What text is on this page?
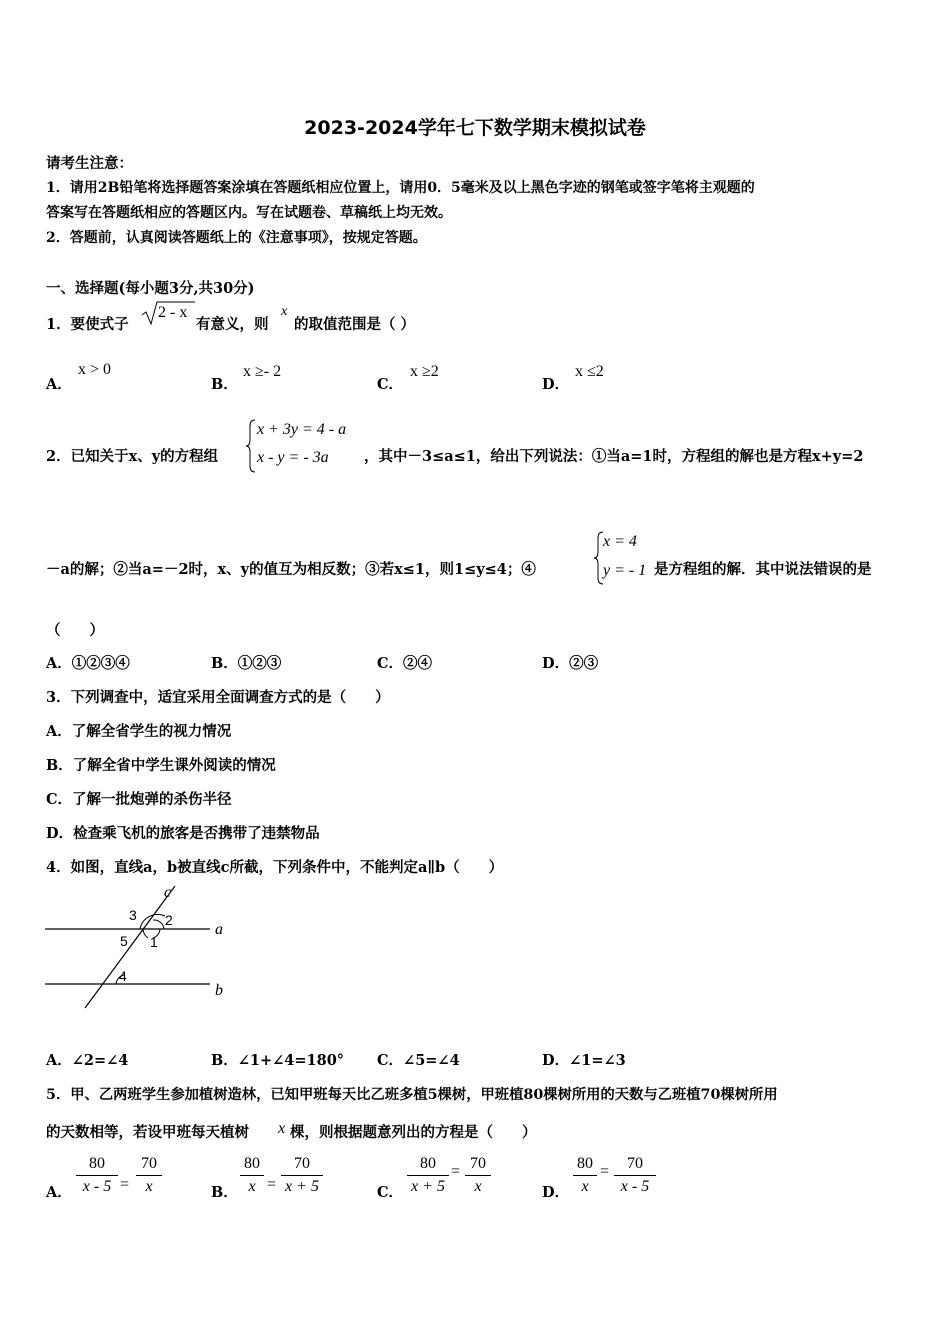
2023-2024学年七下数学期末模拟试卷
请考生注意：
1．请用2B铅笔将选择题答案涂填在答题纸相应位置上，请用0．5毫米及以上黑色字迹的钢笔或签字笔将主观题的
答案写在答题纸相应的答题区内。写在试题卷、草稿纸上均无效。
2．答题前，认真阅读答题纸上的《注意事项》，按规定答题。
一、选择题(每小题3分,共30分)
1．要使式子
2 - x
有意义，则
x
的取值范围是（ ）
A．
x > 0
B．
x ≥- 2
C．
x ≥2
D．
x ≤2
2．已知关于x、y的方程组
x + 3y = 4 - a
x - y = - 3a ，其中－3≤a≤1，给出下列说法：①当a=1时，方程组的解也是方程x+y=2
－a的解；②当a=－2时，x、y的值互为相反数；③若x≤1，则1≤y≤4；④
x = 4
y = - 1 是方程组的解．其中说法错误的是
（　　）
A．①②③④	B．①②③	C．②④	D．②③
3．下列调查中，适宜采用全面调查方式的是（　　）
A．了解全省学生的视力情况
B．了解全省中学生课外阅读的情况
C．了解一批炮弹的杀伤半径
D．检查乘飞机的旅客是否携带了违禁物品
4．如图，直线a，b被直线c所截，下列条件中，不能判定a∥b（　　）
c
a
b
3 2
5 1
4
A．∠2=∠4	B．∠1+∠4=180° C．∠5=∠4	D．∠1=∠3
5．甲、乙两班学生参加植树造林，已知甲班每天比乙班多植5棵树，甲班植80棵树所用的天数与乙班植70棵树所用
的天数相等，若设甲班每天植树 x 棵，则根据题意列出的方程是（　　）
A． $\frac{80}{x - 5} = \frac{70}{x}$	B． $\frac{80}{x} = \frac{70}{x + 5}$	C． $\frac{80}{x + 5} = \frac{70}{x}$	D． $\frac{80}{x} = \frac{70}{x - 5}$
